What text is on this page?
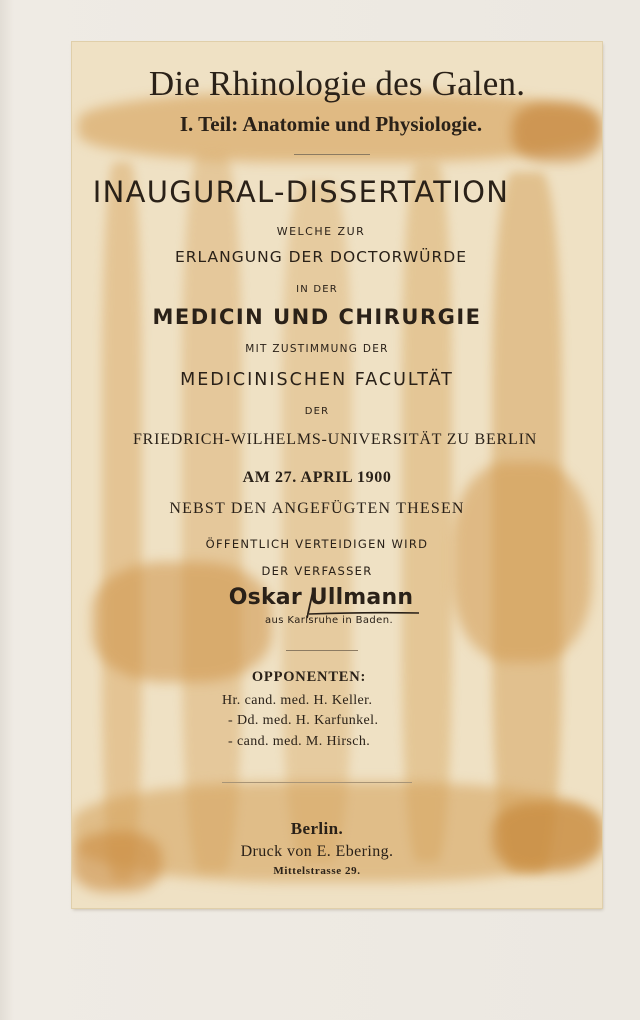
Die Rhinologie des Galen.
I. Teil: Anatomie und Physiologie.
INAUGURAL-DISSERTATION
WELCHE ZUR
ERLANGUNG DER DOCTORWÜRDE
IN DER
MEDICIN UND CHIRURGIE
MIT ZUSTIMMUNG DER
MEDICINISCHEN FACULTÄT
DER
FRIEDRICH-WILHELMS-UNIVERSITÄT ZU BERLIN
AM 27. APRIL 1900
NEBST DEN ANGEFÜGTEN THESEN
ÖFFENTLICH VERTEIDIGEN WIRD
DER VERFASSER
Oskar Ullmann
aus Karlsruhe in Baden.
OPPONENTEN:
Hr. cand. med. H. Keller.
- Dd. med. H. Karfunkel.
- cand. med. M. Hirsch.
Berlin.
Druck von E. Ebering.
Mittelstrasse 29.
